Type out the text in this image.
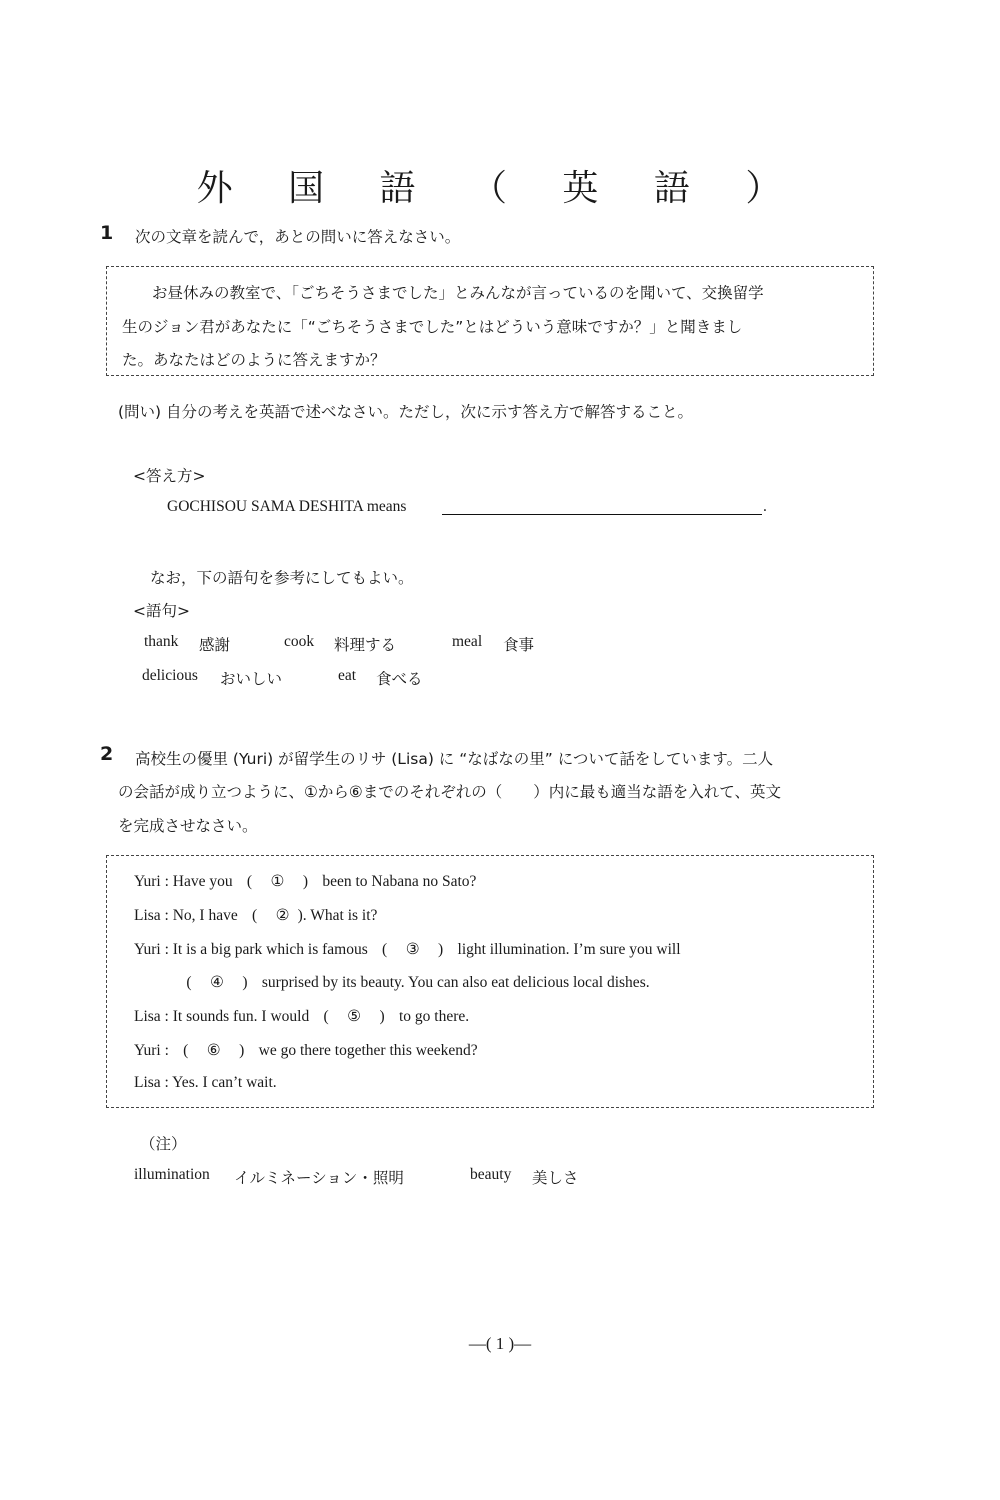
外 国 語 （ 英 語 ）
1 次の文章を読んで，あとの問いに答えなさい。
お昼休みの教室で、「ごちそうさまでした」とみんなが言っているのを聞いて、交換留学
生のジョン君があなたに「“ごちそうさまでした”とはどういう意味ですか？」と聞きまし
た。あなたはどのように答えますか？
(問い) 自分の考えを英語で述べなさい。ただし，次に示す答え方で解答すること。
<答え方>
GOCHISOU SAMA DESHITA means	.
なお，下の語句を参考にしてもよい。
<語句>
thank 感謝	cook 料理する	meal 食事
delicious おいしい	eat 食べる
2 高校生の優里 (Yuri) が留学生のリサ (Lisa) に “なばなの里” について話をしています。二人
の会話が成り立つように、①から⑥までのそれぞれの（　　）内に最も適当な語を入れて、英文
を完成させなさい。
Yuri : Have you ( ① ) been to Nabana no Sato?
Lisa : No, I have ( ② ). What is it?
Yuri : It is a big park which is famous ( ③ ) light illumination. I’m sure you will
( ④ ) surprised by its beauty. You can also eat delicious local dishes.
Lisa : It sounds fun. I would ( ⑤ ) to go there.
Yuri : ( ⑥ ) we go there together this weekend?
Lisa : Yes. I can’t wait.
（注）
illumination イルミネーション・照明	beauty 美しさ
—( 1 )—
